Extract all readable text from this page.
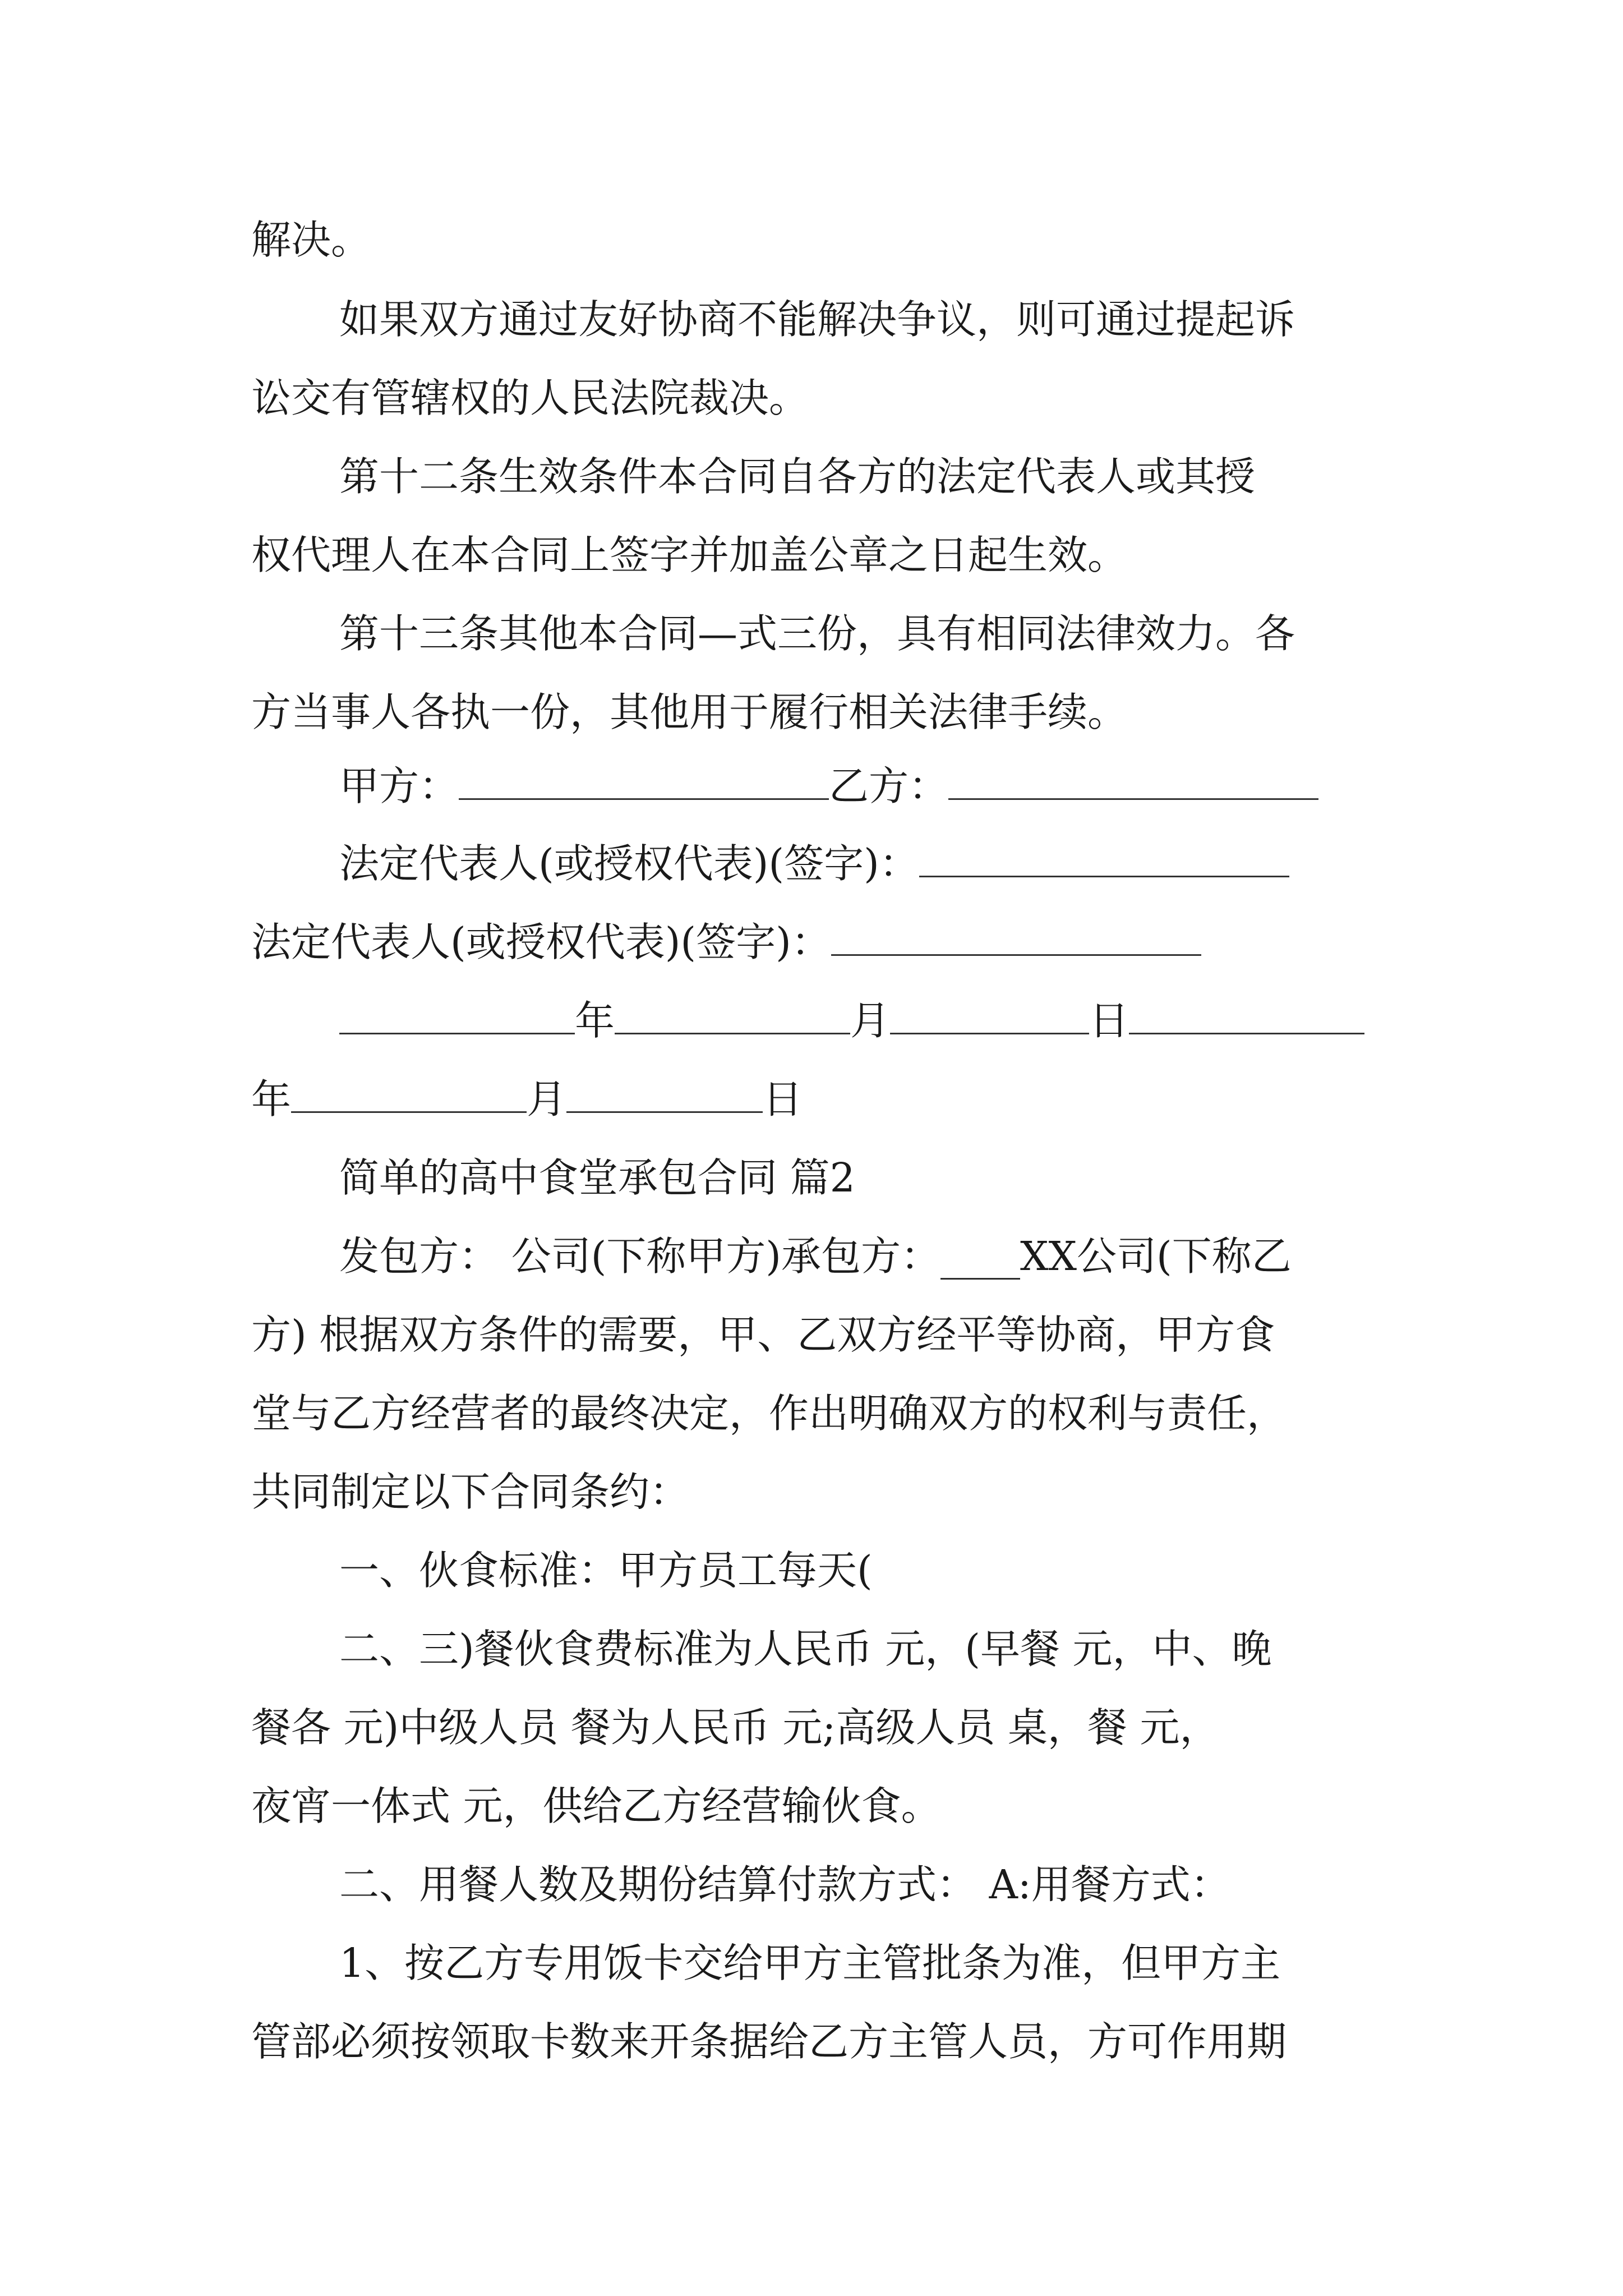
解决。
如果双方通过友好协商不能解决争议，则可通过提起诉
讼交有管辖权的人民法院裁决。
第十二条生效条件本合同自各方的法定代表人或其授
权代理人在本合同上签字并加盖公章之日起生效。
第十三条其他本合同—式三份，具有相同法律效力。各
方当事人各执一份，其他用于履行相关法律手续。
甲方：	乙方：
法定代表人(或授权代表)(签字)：
法定代表人(或授权代表)(签字)：
年	月	日
年	月	日
简单的高中食堂承包合同 篇2
发包方： 公司(下称甲方)承包方：____XX公司(下称乙
方) 根据双方条件的需要，甲、乙双方经平等协商，甲方食
堂与乙方经营者的最终决定，作出明确双方的权利与责任，
共同制定以下合同条约：
一、伙食标准：甲方员工每天(
二、三)餐伙食费标准为人民币 元，(早餐 元，中、晚
餐各 元)中级人员 餐为人民币 元;高级人员 桌，餐 元，
夜宵一体式 元，供给乙方经营输伙食。
二、用餐人数及期份结算付款方式： A:用餐方式：
1、按乙方专用饭卡交给甲方主管批条为准，但甲方主
管部必须按领取卡数来开条据给乙方主管人员，方可作用期
